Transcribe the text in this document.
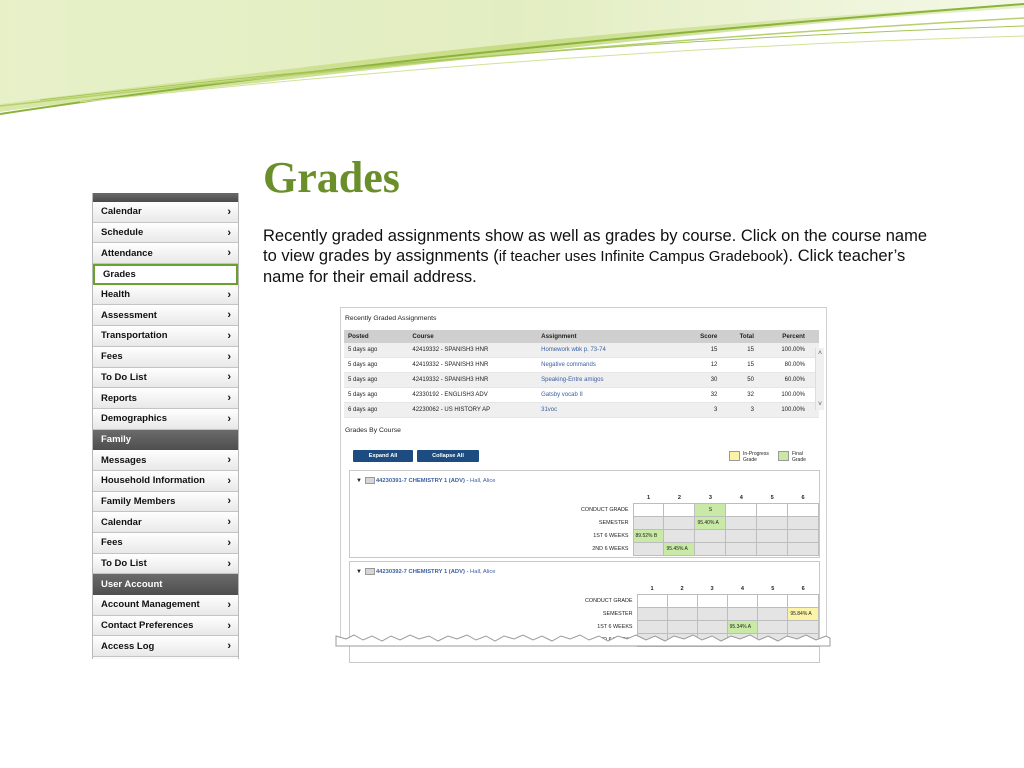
Grades

Recently graded assignments show as well as grades by course. Click on the course name to view grades by assignments (if teacher uses Infinite Campus Gradebook). Click teacher’s name for their email address.

Calendar	›
Schedule	›
Attendance	›
Grades
Health	›
Assessment	›
Transportation	›
Fees	›
To Do List	›
Reports	›
Demographics	›
Family
Messages	›
Household Information ›
Family Members	›
Calendar	›
Fees	›
To Do List	›
User Account
Account Management	›
Contact Preferences	›
Access Log	›
Recently Graded Assignments
Posted	Course	Assignment	Score	Total	Percent
5 days ago	42419332 - SPANISH3 HNR	Homework wbk p. 73-74	15	15	100.00%
5 days ago	42419332 - SPANISH3 HNR	Negative commands	12	15	80.00%
5 days ago	42419332 - SPANISH3 HNR	Speaking-Entre amigos	30	50	60.00%
5 days ago	42330192 - ENGLISH3 ADV	Gatsby vocab II	32	32	100.00%
6 days ago	42230062 - US HISTORY AP	31voc	3	3	100.00%
˄
˅
Grades By Course
Expand All	Collapse All	In-Progress Grade
Final Grade
▼ 44230391-7 CHEMISTRY 1 (ADV) - Hall, Alice
	1	2	3	4	5	6
CONDUCT GRADE			S			
SEMESTER			95.40% A			
1ST 6 WEEKS	89.52% B					
2ND 6 WEEKS		95.45% A				
▼ 44230392-7 CHEMISTRY 1 (ADV) - Hall, Alice
	1	2	3	4	5	6
CONDUCT GRADE						
SEMESTER						95.84% A
1ST 6 WEEKS				95.34% A		
